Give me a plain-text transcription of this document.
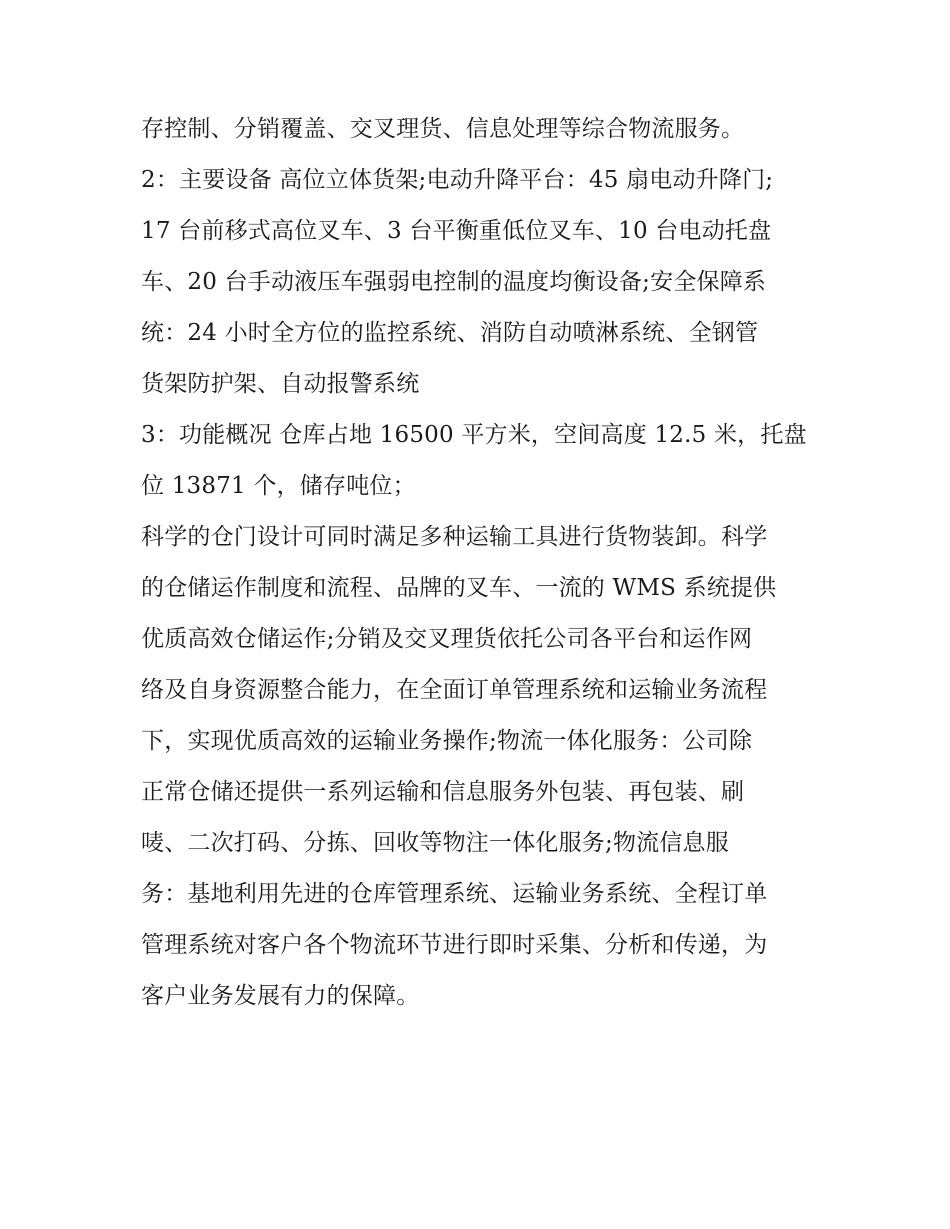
存控制、分销覆盖、交叉理货、信息处理等综合物流服务。
2：主要设备 高位立体货架;电动升降平台：45 扇电动升降门;
17 台前移式高位叉车、3 台平衡重低位叉车、10 台电动托盘
车、20 台手动液压车强弱电控制的温度均衡设备;安全保障系
统：24 小时全方位的监控系统、消防自动喷淋系统、全钢管
货架防护架、自动报警系统
3：功能概况 仓库占地 16500 平方米，空间高度 12.5 米，托盘
位 13871 个，储存吨位；
科学的仓门设计可同时满足多种运输工具进行货物装卸。科学
的仓储运作制度和流程、品牌的叉车、一流的 WMS 系统提供
优质高效仓储运作;分销及交叉理货依托公司各平台和运作网
络及自身资源整合能力，在全面订单管理系统和运输业务流程
下，实现优质高效的运输业务操作;物流一体化服务：公司除
正常仓储还提供一系列运输和信息服务外包装、再包装、刷
唛、二次打码、分拣、回收等物注一体化服务;物流信息服
务：基地利用先进的仓库管理系统、运输业务系统、全程订单
管理系统对客户各个物流环节进行即时采集、分析和传递，为
客户业务发展有力的保障。
